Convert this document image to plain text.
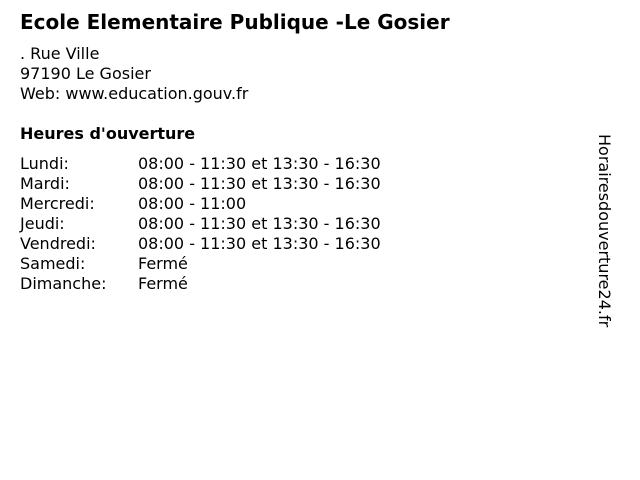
Ecole Elementaire Publique -Le Gosier
. Rue Ville
97190 Le Gosier
Web: www.education.gouv.fr
Heures d'ouverture
Lundi:	08:00 - 11:30 et 13:30 - 16:30
Mardi:	08:00 - 11:30 et 13:30 - 16:30
Mercredi:	08:00 - 11:00
Jeudi:	08:00 - 11:30 et 13:30 - 16:30
Vendredi:	08:00 - 11:30 et 13:30 - 16:30
Samedi:	Fermé
Dimanche:	Fermé	Horairesdouverture24.fr
